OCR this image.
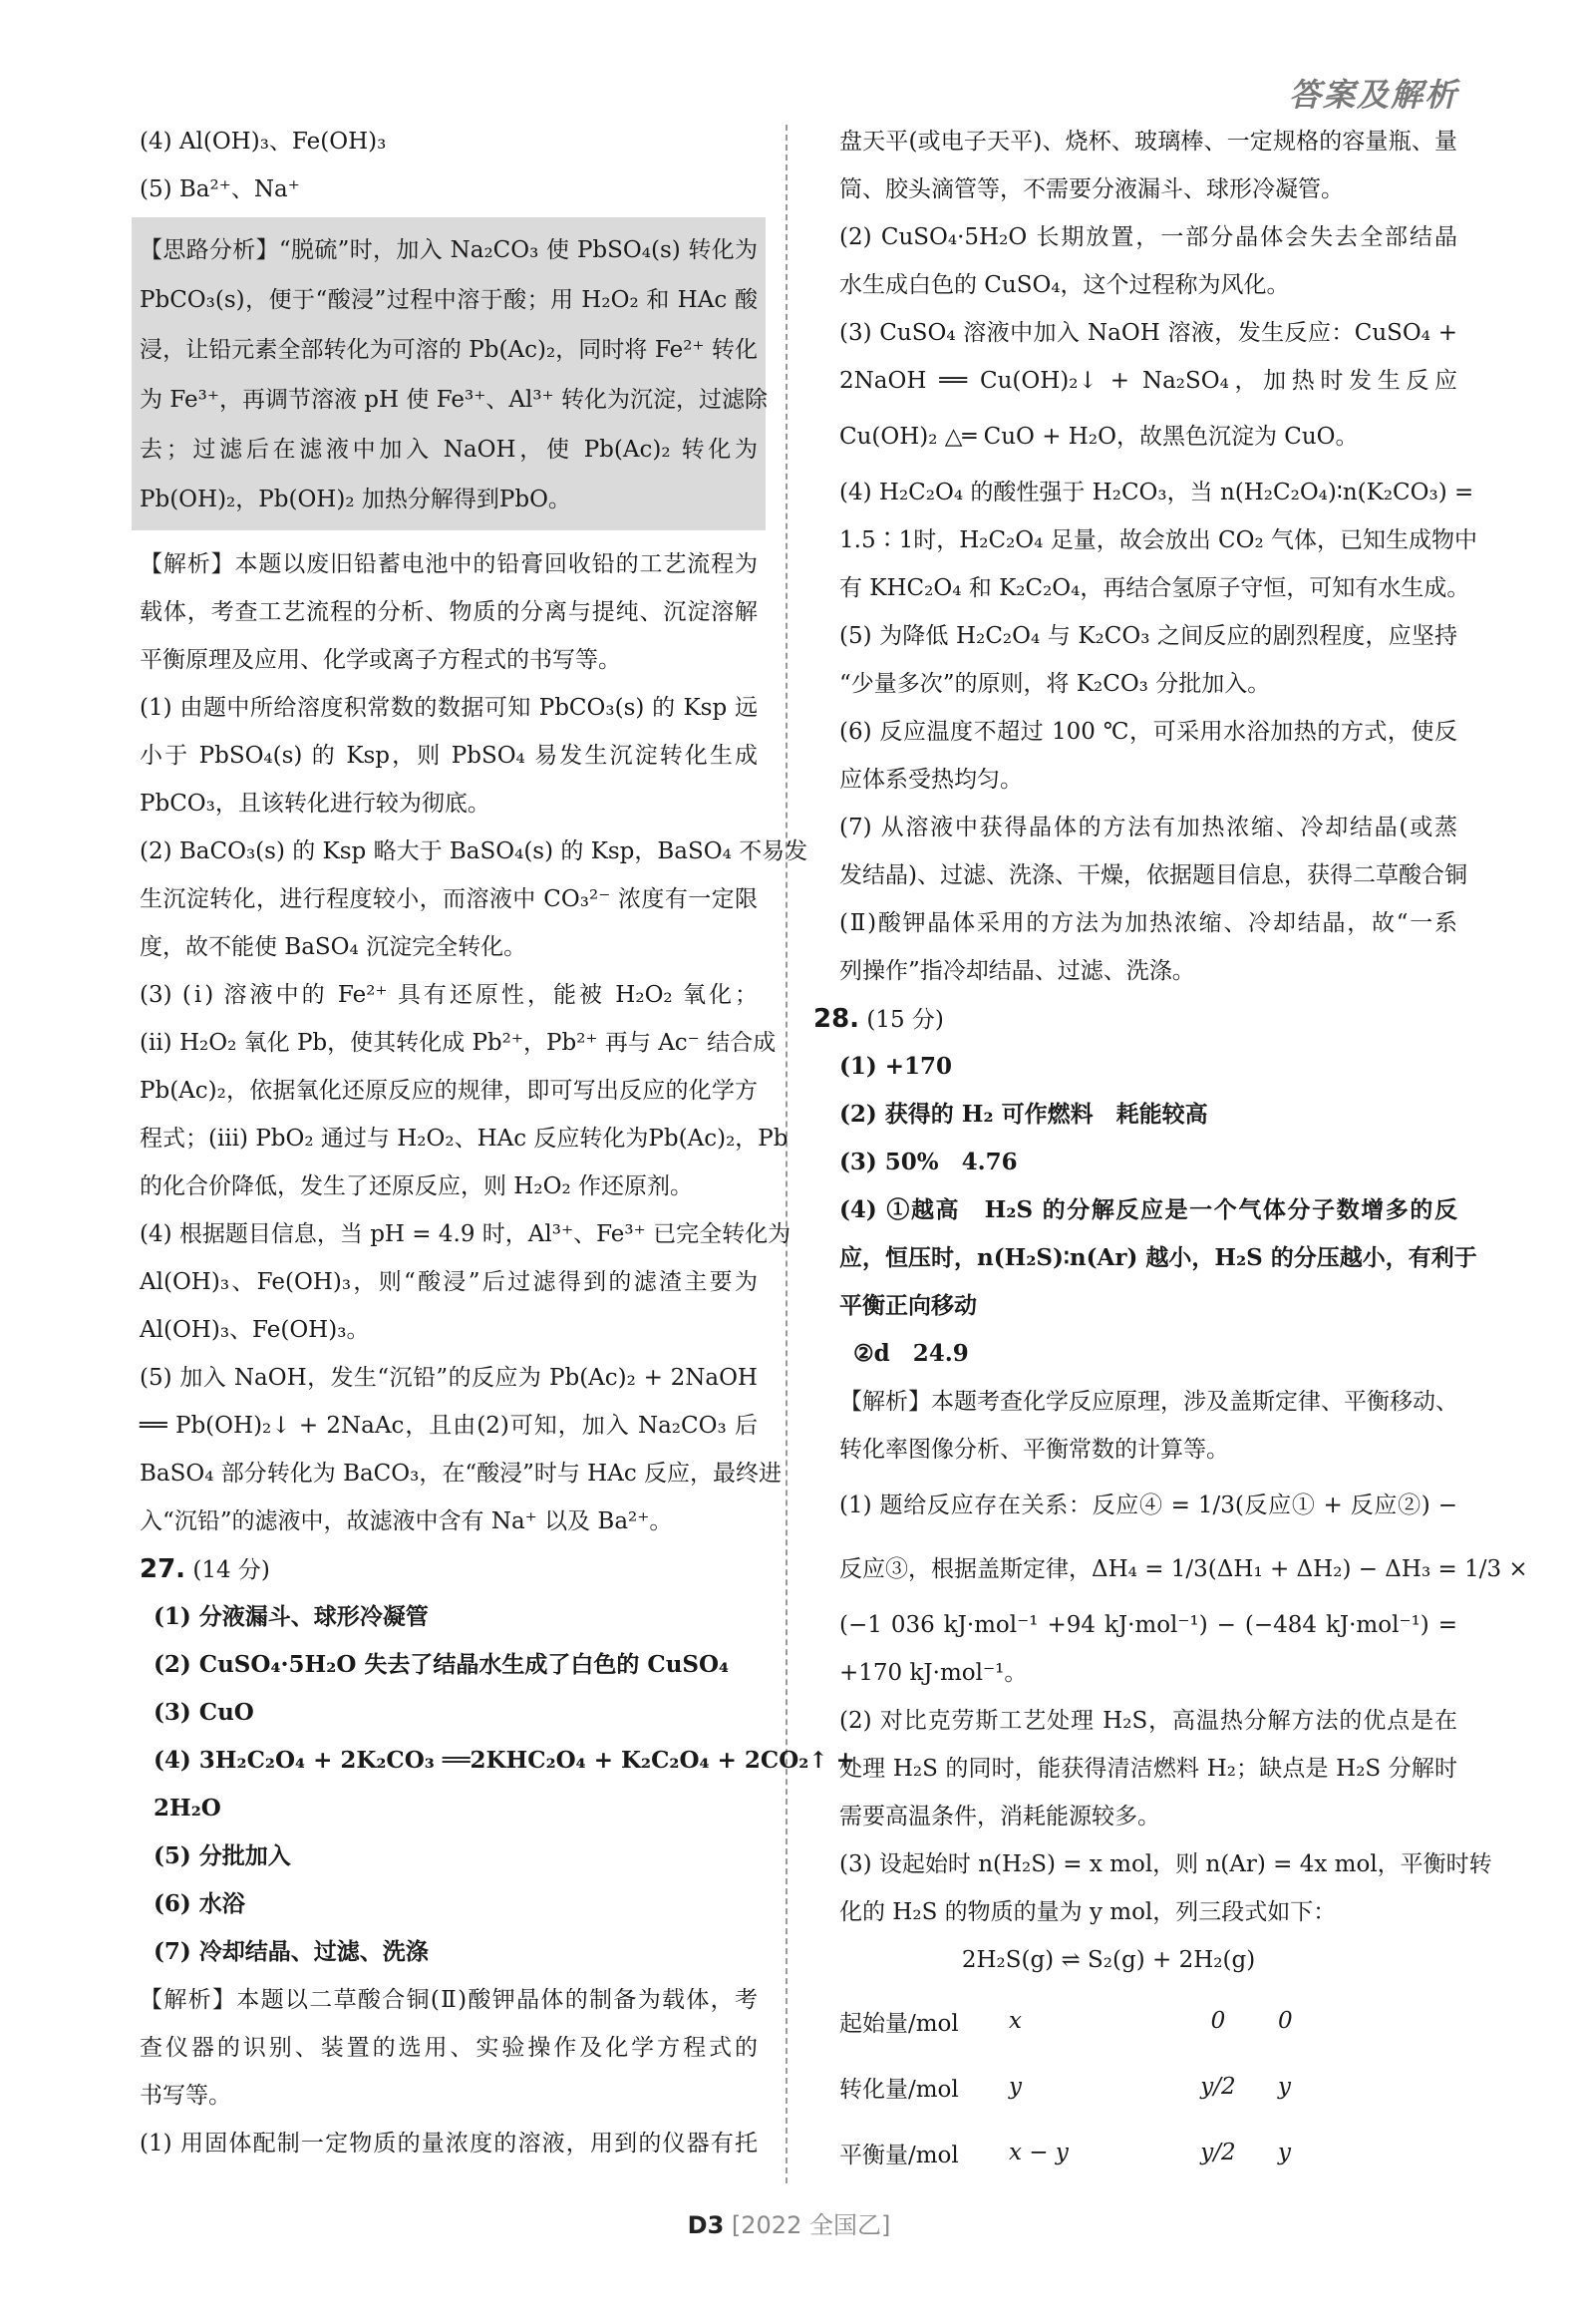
答案及解析
(4) Al(OH)₃、Fe(OH)₃
(5) Ba²⁺、Na⁺
【思路分析】“脱硫”时，加入 Na₂CO₃ 使 PbSO₄(s) 转化为
PbCO₃(s)，便于“酸浸”过程中溶于酸；用 H₂O₂ 和 HAc 酸
浸，让铅元素全部转化为可溶的 Pb(Ac)₂，同时将 Fe²⁺ 转化
为 Fe³⁺，再调节溶液 pH 使 Fe³⁺、Al³⁺ 转化为沉淀，过滤除
去；过滤后在滤液中加入 NaOH，使 Pb(Ac)₂ 转化为
Pb(OH)₂，Pb(OH)₂ 加热分解得到PbO。
【解析】本题以废旧铅蓄电池中的铅膏回收铅的工艺流程为
载体，考查工艺流程的分析、物质的分离与提纯、沉淀溶解
平衡原理及应用、化学或离子方程式的书写等。
(1) 由题中所给溶度积常数的数据可知 PbCO₃(s) 的 Ksp 远
小于 PbSO₄(s) 的 Ksp，则 PbSO₄ 易发生沉淀转化生成
PbCO₃，且该转化进行较为彻底。
(2) BaCO₃(s) 的 Ksp 略大于 BaSO₄(s) 的 Ksp，BaSO₄ 不易发
生沉淀转化，进行程度较小，而溶液中 CO₃²⁻ 浓度有一定限
度，故不能使 BaSO₄ 沉淀完全转化。
(3) (ⅰ) 溶液中的 Fe²⁺ 具有还原性，能被 H₂O₂ 氧化；
(ⅱ) H₂O₂ 氧化 Pb，使其转化成 Pb²⁺，Pb²⁺ 再与 Ac⁻ 结合成
Pb(Ac)₂，依据氧化还原反应的规律，即可写出反应的化学方
程式；(ⅲ) PbO₂ 通过与 H₂O₂、HAc 反应转化为Pb(Ac)₂，Pb
的化合价降低，发生了还原反应，则 H₂O₂ 作还原剂。
(4) 根据题目信息，当 pH = 4.9 时，Al³⁺、Fe³⁺ 已完全转化为
Al(OH)₃、Fe(OH)₃，则“酸浸”后过滤得到的滤渣主要为
Al(OH)₃、Fe(OH)₃。
(5) 加入 NaOH，发生“沉铅”的反应为 Pb(Ac)₂ + 2NaOH
══ Pb(OH)₂↓ + 2NaAc，且由(2)可知，加入 Na₂CO₃ 后
BaSO₄ 部分转化为 BaCO₃，在“酸浸”时与 HAc 反应，最终进
入“沉铅”的滤液中，故滤液中含有 Na⁺ 以及 Ba²⁺。
27. (14 分)
(1) 分液漏斗、球形冷凝管
(2) CuSO₄·5H₂O 失去了结晶水生成了白色的 CuSO₄
(3) CuO
(4) 3H₂C₂O₄ + 2K₂CO₃ ══2KHC₂O₄ + K₂C₂O₄ + 2CO₂↑ +
2H₂O
(5) 分批加入
(6) 水浴
(7) 冷却结晶、过滤、洗涤
【解析】本题以二草酸合铜(Ⅱ)酸钾晶体的制备为载体，考
查仪器的识别、装置的选用、实验操作及化学方程式的
书写等。
(1) 用固体配制一定物质的量浓度的溶液，用到的仪器有托
盘天平(或电子天平)、烧杯、玻璃棒、一定规格的容量瓶、量
筒、胶头滴管等，不需要分液漏斗、球形冷凝管。
(2) CuSO₄·5H₂O 长期放置，一部分晶体会失去全部结晶
水生成白色的 CuSO₄，这个过程称为风化。
(3) CuSO₄ 溶液中加入 NaOH 溶液，发生反应：CuSO₄ +
2NaOH ══ Cu(OH)₂↓ + Na₂SO₄，加热时发生反应
Cu(OH)₂ △═ CuO + H₂O，故黑色沉淀为 CuO。
(4) H₂C₂O₄ 的酸性强于 H₂CO₃，当 n(H₂C₂O₄)∶n(K₂CO₃) =
1.5∶1时，H₂C₂O₄ 足量，故会放出 CO₂ 气体，已知生成物中
有 KHC₂O₄ 和 K₂C₂O₄，再结合氢原子守恒，可知有水生成。
(5) 为降低 H₂C₂O₄ 与 K₂CO₃ 之间反应的剧烈程度，应坚持
“少量多次”的原则，将 K₂CO₃ 分批加入。
(6) 反应温度不超过 100 ℃，可采用水浴加热的方式，使反
应体系受热均匀。
(7) 从溶液中获得晶体的方法有加热浓缩、冷却结晶(或蒸
发结晶)、过滤、洗涤、干燥，依据题目信息，获得二草酸合铜
(Ⅱ)酸钾晶体采用的方法为加热浓缩、冷却结晶，故“一系
列操作”指冷却结晶、过滤、洗涤。
28. (15 分)
(1) +170
(2) 获得的 H₂ 可作燃料　耗能较高
(3) 50%　4.76
(4) ①越高　H₂S 的分解反应是一个气体分子数增多的反
应，恒压时，n(H₂S)∶n(Ar) 越小，H₂S 的分压越小，有利于
平衡正向移动
②d　24.9
【解析】本题考查化学反应原理，涉及盖斯定律、平衡移动、
转化率图像分析、平衡常数的计算等。
(1) 题给反应存在关系：反应④ = 1/3(反应① + 反应②) −
反应③，根据盖斯定律，ΔH₄ = 1/3(ΔH₁ + ΔH₂) − ΔH₃ = 1/3 ×
(−1 036 kJ·mol⁻¹ +94 kJ·mol⁻¹) − (−484 kJ·mol⁻¹) =
+170 kJ·mol⁻¹。
(2) 对比克劳斯工艺处理 H₂S，高温热分解方法的优点是在
处理 H₂S 的同时，能获得清洁燃料 H₂；缺点是 H₂S 分解时
需要高温条件，消耗能源较多。
(3) 设起始时 n(H₂S) = x mol，则 n(Ar) = 4x mol，平衡时转
化的 H₂S 的物质的量为 y mol，列三段式如下：
2H₂S(g) ⇌ S₂(g) + 2H₂(g)
起始量/mol	x	0	0
转化量/mol	y	y/2	y
平衡量/mol	x − y	y/2	y
D3 [2022 全国乙]
